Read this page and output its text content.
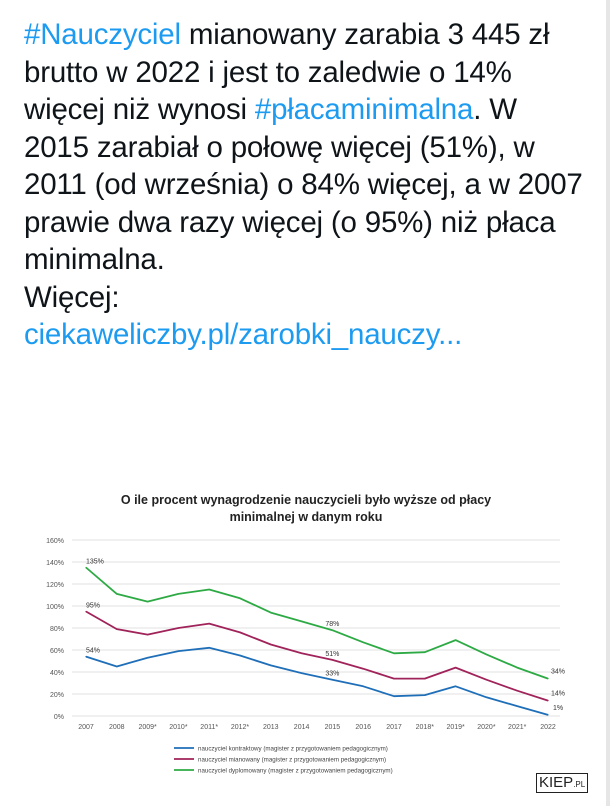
#Nauczyciel mianowany zarabia 3 445 zł brutto w 2022 i jest to zaledwie o 14% więcej niż wynosi #płacaminimalna. W 2015 zarabiał o połowę więcej (51%), w 2011 (od września) o 84% więcej, a w 2007 prawie dwa razy więcej (o 95%) niż płaca minimalna.
Więcej:
ciekaweliczby.pl/zarobki_nauczy...
O ile procent wynagrodzenie nauczycieli było wyższe od płacy
minimalnej w danym roku
0%
20%
40%
60%
80%
100%
120%
140%
160%
2007 2008 2009* 2010* 2011* 2012* 2013 2014 2015 2016 2017 2018* 2019* 2020* 2021* 2022
54%
33%
1%
95%
51%
14%
135%
78%
34%
nauczyciel kontraktowy (magister z przygotowaniem pedagogicznym)
nauczyciel mianowany (magister z przygotowaniem pedagogicznym)
nauczyciel dyplomowany (magister z przygotowaniem pedagogicznym)
KIEP.PL
